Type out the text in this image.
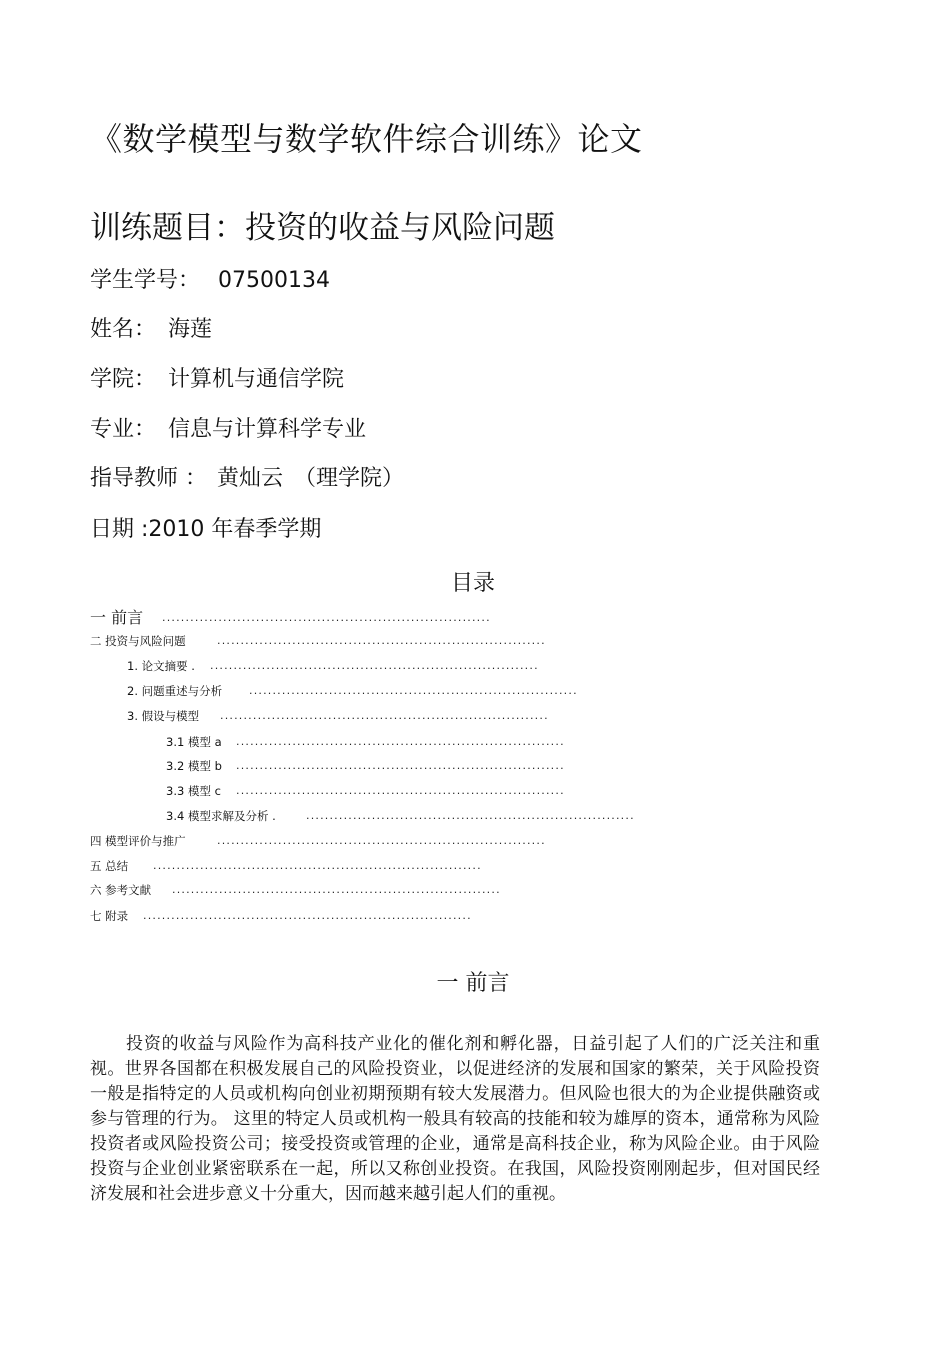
《数学模型与数学软件综合训练》论文
训练题目：投资的收益与风险问题
学生学号： 07500134
姓名： 海莲
学院： 计算机与通信学院
专业： 信息与计算科学专业
指导教师 ： 黄灿云　（理学院）
日期 :2010 年春季学期
目录
一 前言 ......................................................................
二 投资与风险问题	......................................................................
1. 论文摘要 . ......................................................................
2. 问题重述与分析 ......................................................................
3. 假设与模型 ......................................................................
3.1 模型 a ......................................................................
3.2 模型 b ......................................................................
3.3 模型 c ......................................................................
3.4 模型求解及分析 .	......................................................................
四 模型评价与推广	......................................................................
五 总结 ......................................................................
六 参考文献 ......................................................................
七 附录 ......................................................................
一 前言
投资的收益与风险作为高科技产业化的催化剂和孵化器，日益引起了人们的广泛关注和重视。世界各国都在积极发展自己的风险投资业，以促进经济的发展和国家的繁荣，关于风险投资一般是指特定的人员或机构向创业初期预期有较大发展潜力。但风险也很大的为企业提供融资或参与管理的行为。 这里的特定人员或机构一般具有较高的技能和较为雄厚的资本，通常称为风险投资者或风险投资公司；接受投资或管理的企业，通常是高科技企业，称为风险企业。由于风险投资与企业创业紧密联系在一起，所以又称创业投资。在我国，风险投资刚刚起步，但对国民经济发展和社会进步意义十分重大，因而越来越引起人们的重视。
